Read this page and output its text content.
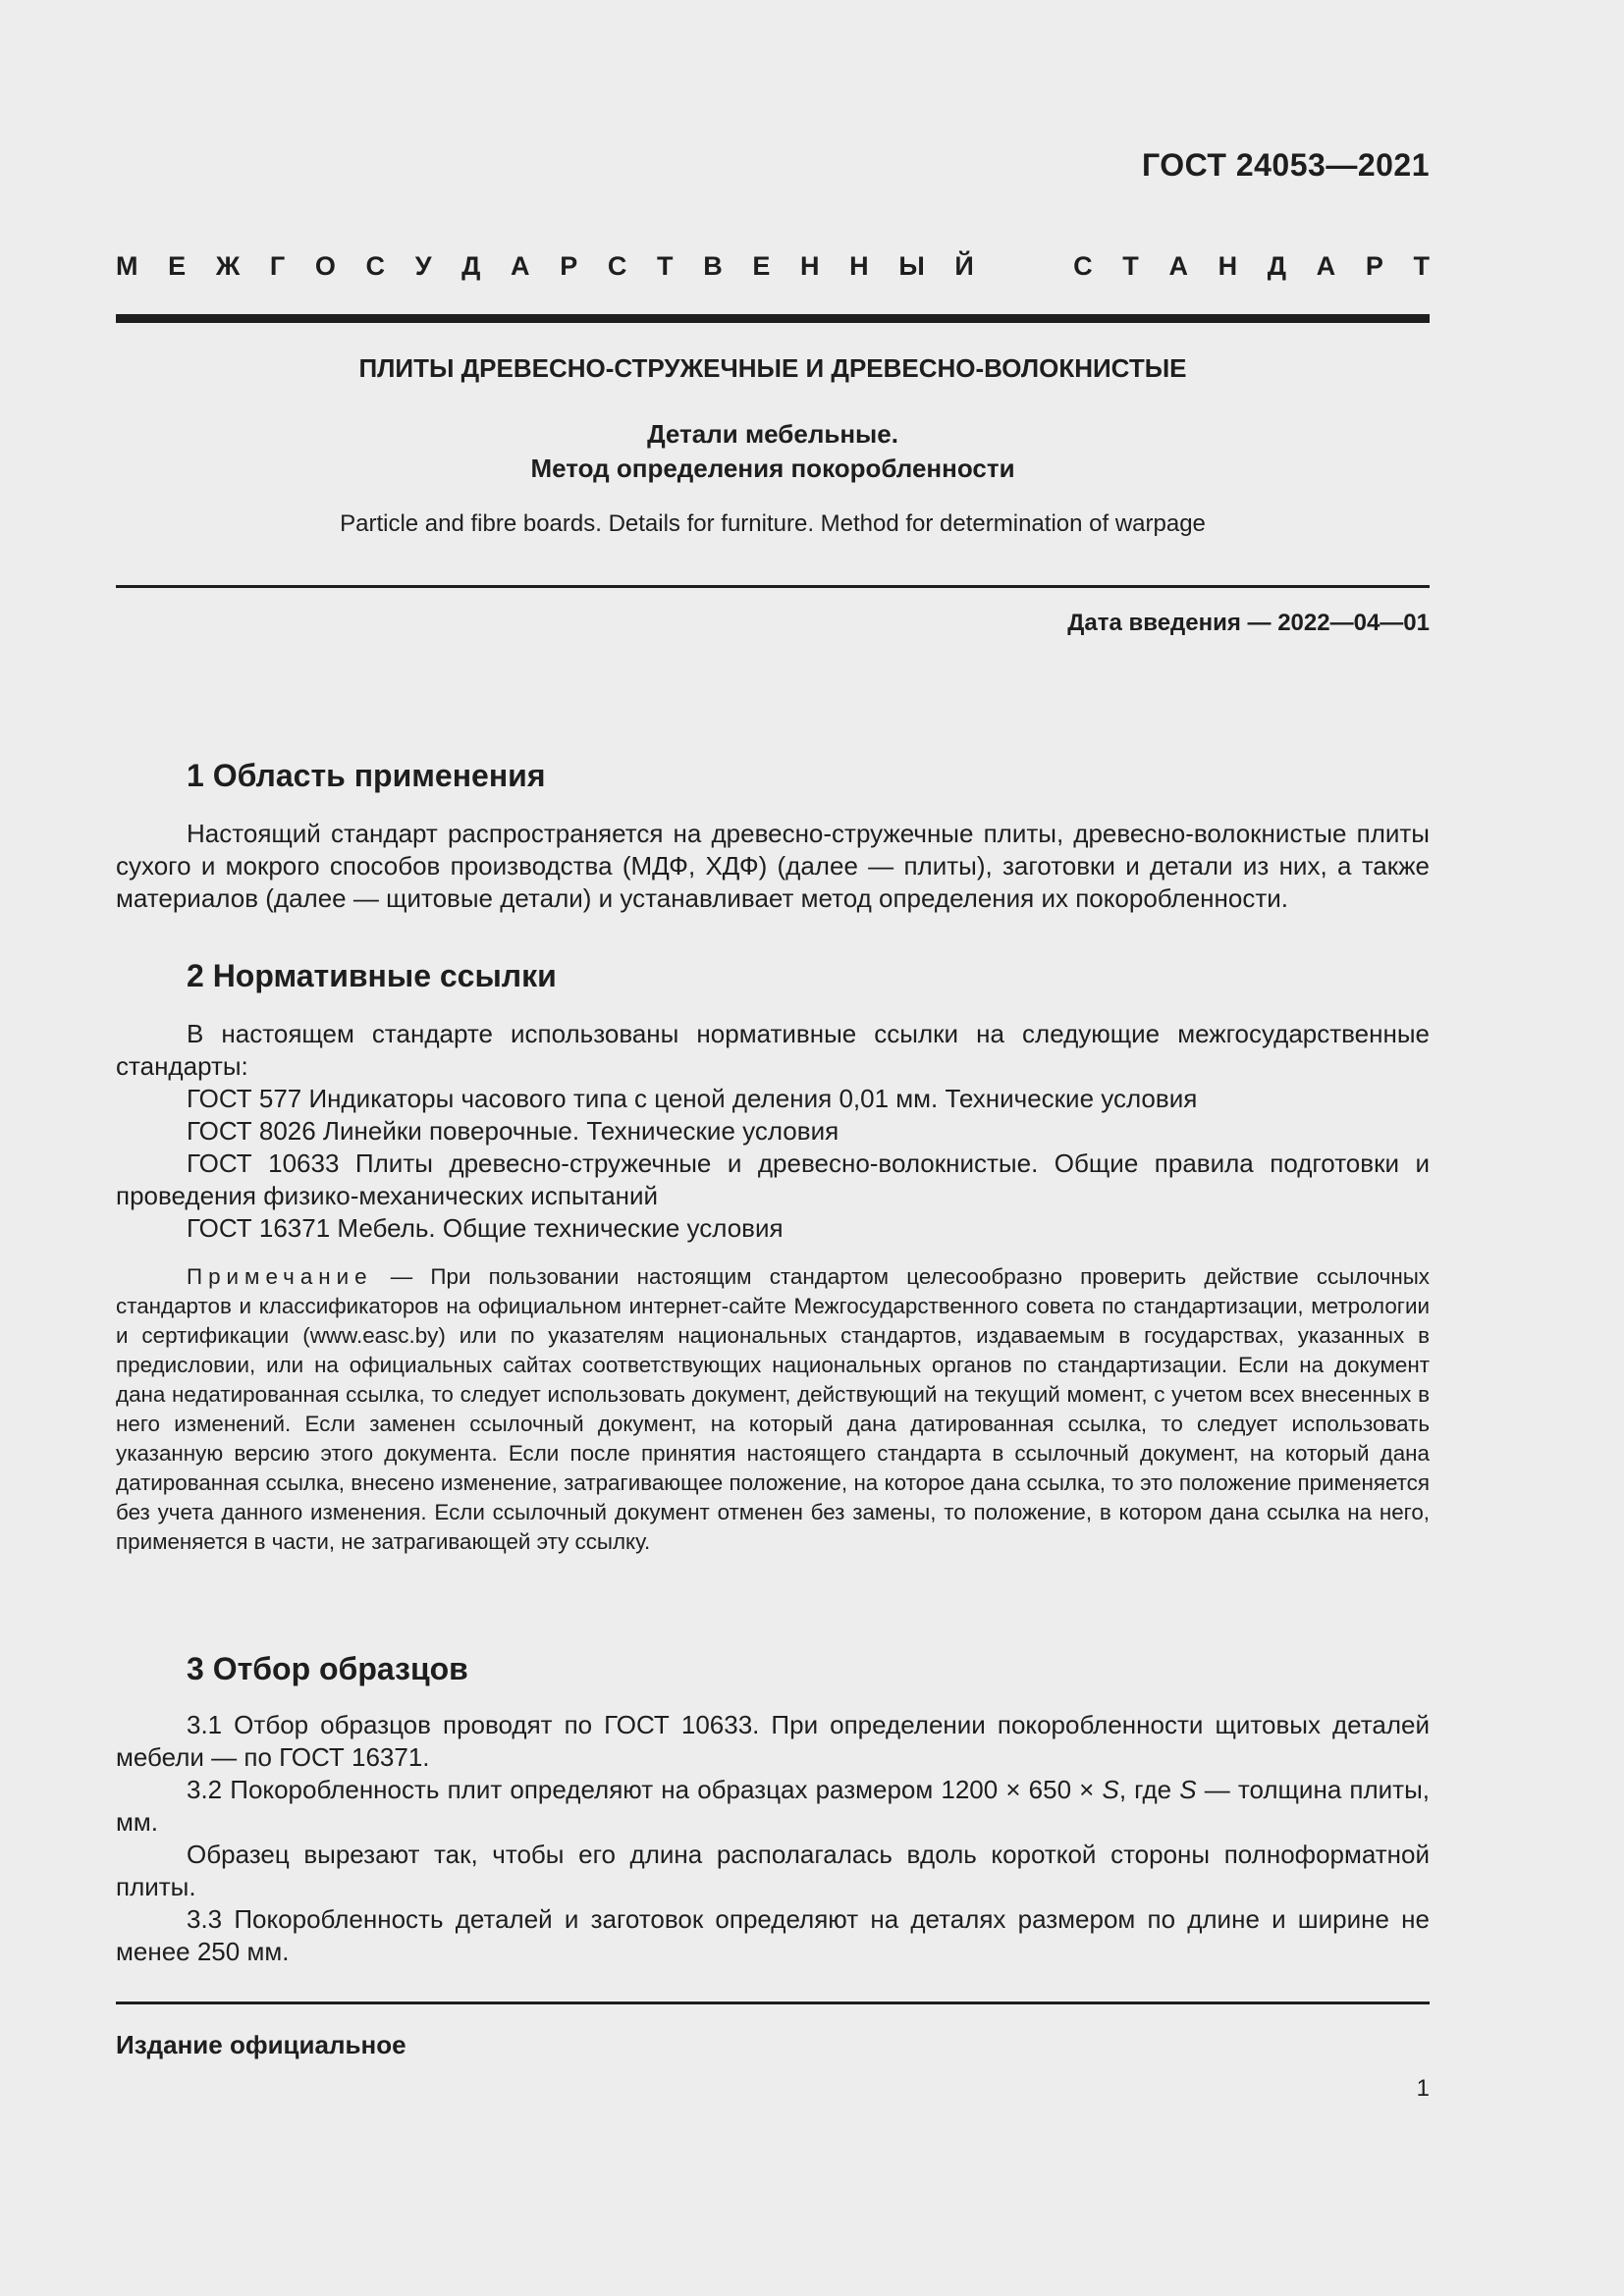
ГОСТ 24053—2021
М Е Ж Г О С У Д А Р С Т В Е Н Н Ы Й	С Т А Н Д А Р Т
ПЛИТЫ ДРЕВЕСНО-СТРУЖЕЧНЫЕ И ДРЕВЕСНО-ВОЛОКНИСТЫЕ
Детали мебельные.
Метод определения покоробленности
Particle and fibre boards. Details for furniture. Method for determination of warpage
Дата введения — 2022—04—01
1 Область применения

Настоящий стандарт распространяется на древесно-стружечные плиты, древесно-волокнистые плиты сухого и мокрого способов производства (МДФ, ХДФ) (далее — плиты), заготовки и детали из них, а также материалов (далее — щитовые детали) и устанавливает метод определения их покоробленности.

2 Нормативные ссылки

В настоящем стандарте использованы нормативные ссылки на следующие межгосударственные стандарты:

ГОСТ 577 Индикаторы часового типа с ценой деления 0,01 мм. Технические условия

ГОСТ 8026 Линейки поверочные. Технические условия

ГОСТ 10633 Плиты древесно-стружечные и древесно-волокнистые. Общие правила подготовки и проведения физико-механических испытаний

ГОСТ 16371 Мебель. Общие технические условия

Примечание — При пользовании настоящим стандартом целесообразно проверить действие ссылочных стандартов и классификаторов на официальном интернет-сайте Межгосударственного совета по стандартизации, метрологии и сертификации (www.easc.by) или по указателям национальных стандартов, издаваемым в государствах, указанных в предисловии, или на официальных сайтах соответствующих национальных органов по стандартизации. Если на документ дана недатированная ссылка, то следует использовать документ, действующий на текущий момент, с учетом всех внесенных в него изменений. Если заменен ссылочный документ, на который дана датированная ссылка, то следует использовать указанную версию этого документа. Если после принятия настоящего стандарта в ссылочный документ, на который дана датированная ссылка, внесено изменение, затрагивающее положение, на которое дана ссылка, то это положение применяется без учета данного изменения. Если ссылочный документ отменен без замены, то положение, в котором дана ссылка на него, применяется в части, не затрагивающей эту ссылку.

3 Отбор образцов

3.1 Отбор образцов проводят по ГОСТ 10633. При определении покоробленности щитовых деталей мебели — по ГОСТ 16371.

3.2 Покоробленность плит определяют на образцах размером 1200 × 650 × S, где S — толщина плиты, мм.

Образец вырезают так, чтобы его длина располагалась вдоль короткой стороны полноформатной плиты.

3.3 Покоробленность деталей и заготовок определяют на деталях размером по длине и ширине не менее 250 мм.

Издание официальное
1
